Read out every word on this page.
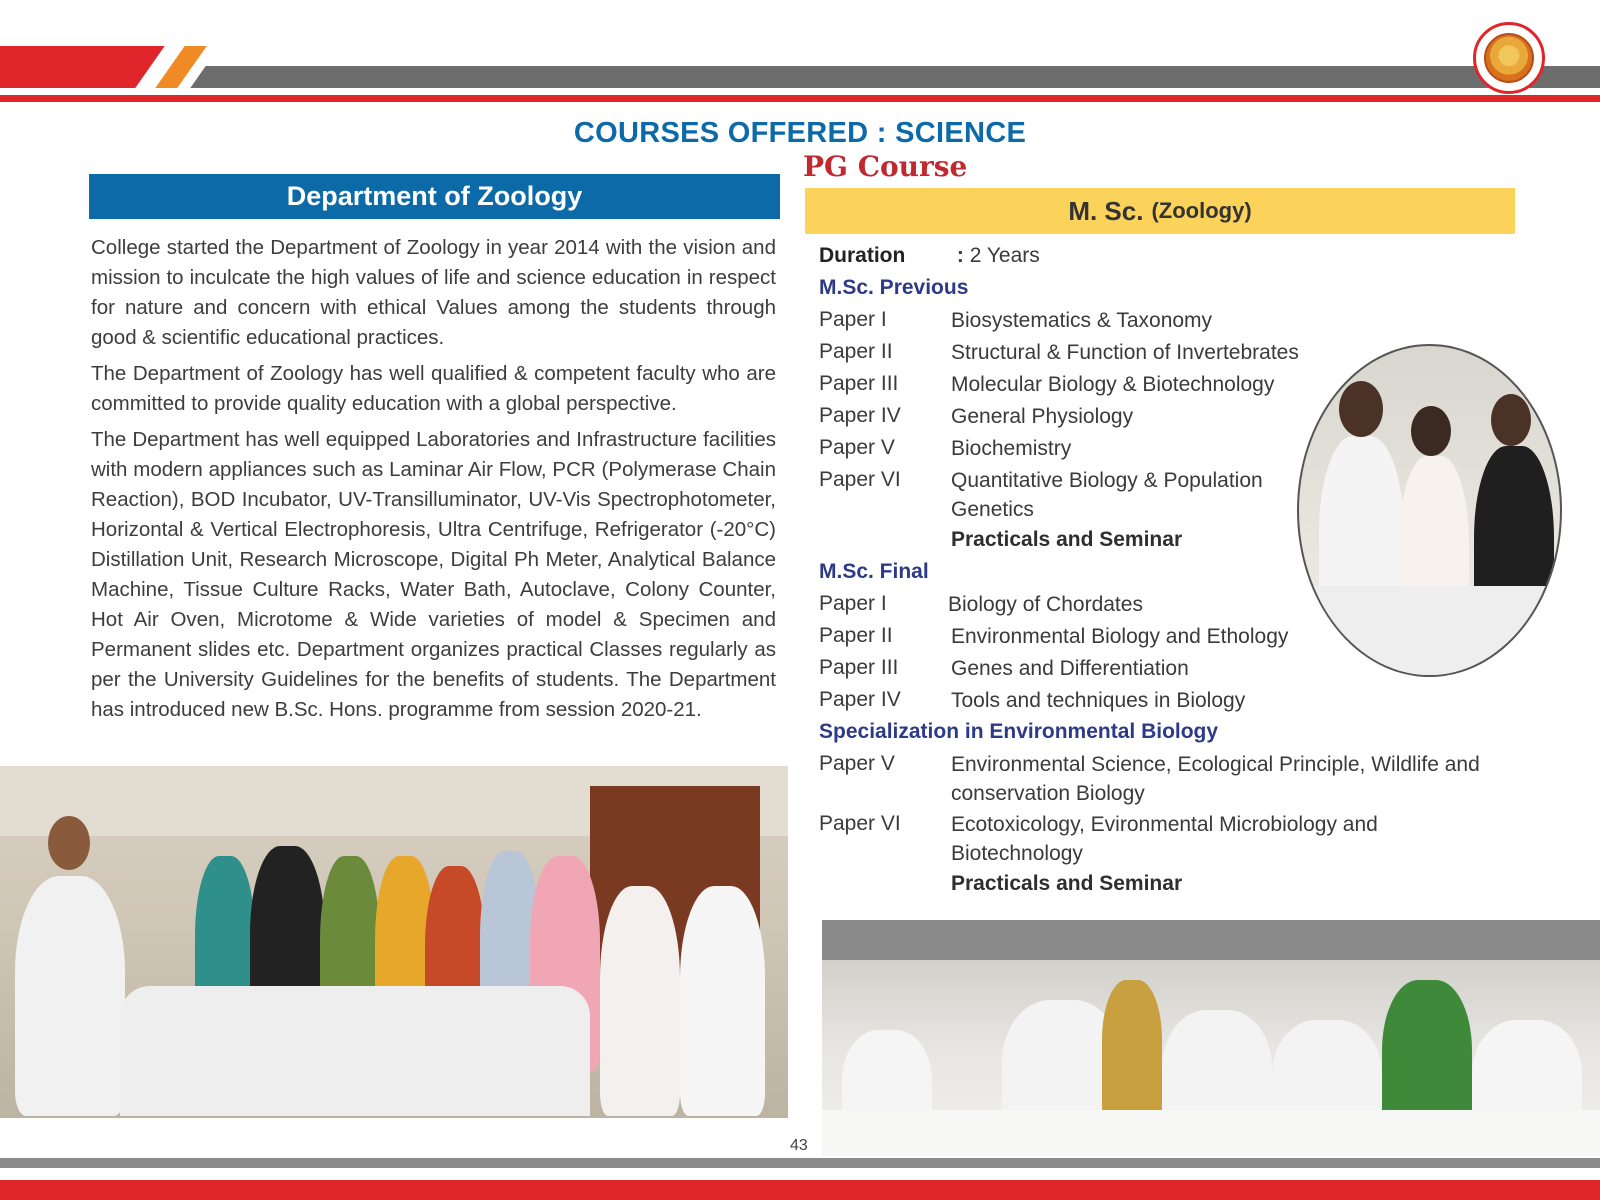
COURSES OFFERED : SCIENCE
PG Course
Department of Zoology

College started the Department of Zoology in year 2014 with the vision and mission to inculcate the high values of life and science education in respect for nature and concern with ethical Values among the students through good & scientific educational practices.

The Department of Zoology has well qualified & competent faculty who are committed to provide quality education with a global perspective.

The Department has well equipped Laboratories and Infrastructure facilities with modern appliances such as Laminar Air Flow, PCR (Polymerase Chain Reaction), BOD Incubator, UV-Transilluminator, UV-Vis Spectrophotometer, Horizontal & Vertical Electrophoresis, Ultra Centrifuge, Refrigerator (-20°C) Distillation Unit, Research Microscope, Digital Ph Meter, Analytical Balance Machine, Tissue Culture Racks, Water Bath, Autoclave, Colony Counter, Hot Air Oven, Microtome & Wide varieties of model & Specimen and Permanent slides etc. Department organizes practical Classes regularly as per the University Guidelines for the benefits of students. The Department has introduced new B.Sc. Hons. programme from session 2020-21.

M. Sc. (Zoology)
Duration : 2 Years
M.Sc. Previous
Paper I	Biosystematics & Taxonomy
Paper II	Structural & Function of Invertebrates
Paper III	Molecular Biology & Biotechnology
Paper IV	General Physiology
Paper V	Biochemistry
Paper VI	Quantitative Biology & Population Genetics
Practicals and Seminar
M.Sc. Final
Paper I	Biology of Chordates
Paper II	Environmental Biology and Ethology
Paper III	Genes and Differentiation
Paper IV	Tools and techniques in Biology
Specialization in Environmental Biology
Paper V	Environmental Science, Ecological Principle, Wildlife and conservation Biology
Paper VI	Ecotoxicology, Evironmental Microbiology and Biotechnology
Practicals and Seminar
43
